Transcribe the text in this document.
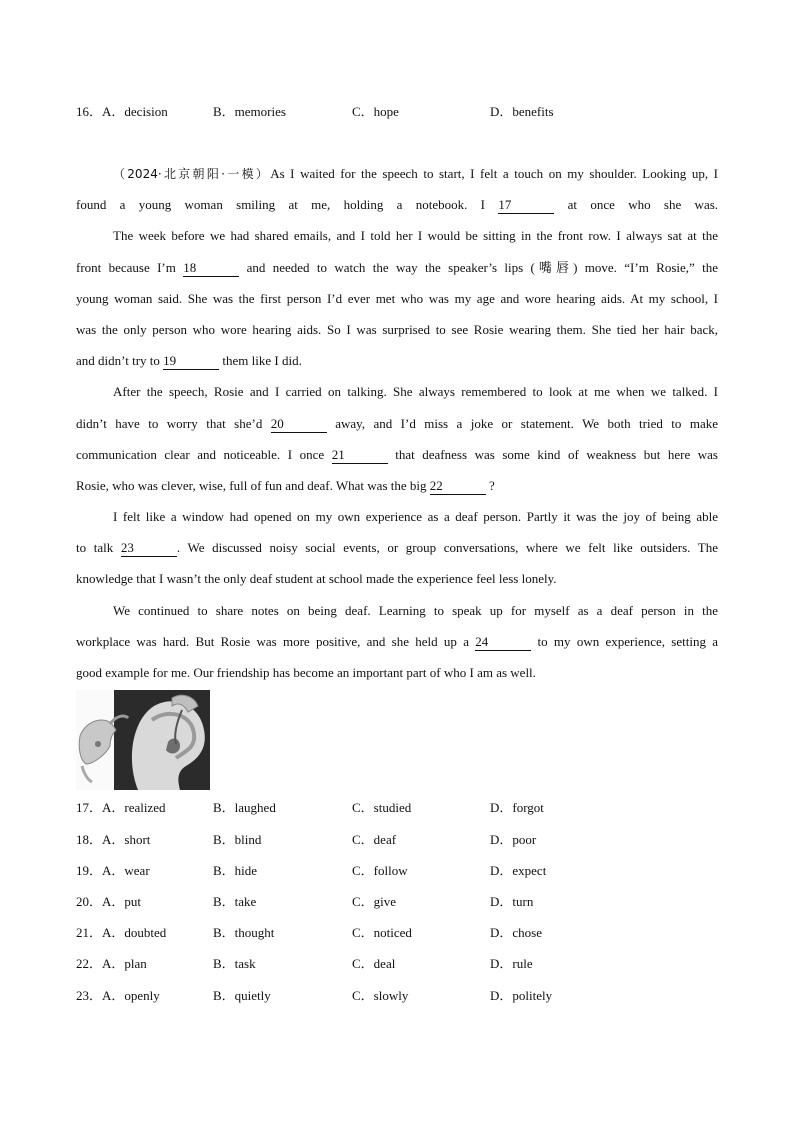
16．A．decision	B．memories	C．hope	D．benefits
（2024·北京朝阳·一模）As I waited for the speech to start, I felt a touch on my shoulder. Looking up, I
found a young woman smiling at me, holding a notebook. I 17	at once who she was.
The week before we had shared emails, and I told her I would be sitting in the front row. I always sat at the
front because I’m 18	and needed to watch the way the speaker’s lips (嘴唇) move. “I’m Rosie,” the
young woman said. She was the first person I’d ever met who was my age and wore hearing aids. At my school, I
was the only person who wore hearing aids. So I was surprised to see Rosie wearing them. She tied her hair back,
and didn’t try to 19	them like I did.
After the speech, Rosie and I carried on talking. She always remembered to look at me when we talked. I
didn’t have to worry that she’d 20	away, and I’d miss a joke or statement. We both tried to make
communication clear and noticeable. I once 21	that deafness was some kind of weakness but here was
Rosie, who was clever, wise, full of fun and deaf. What was the big 22	?
I felt like a window had opened on my own experience as a deaf person. Partly it was the joy of being able
to talk 23	. We discussed noisy social events, or group conversations, where we felt like outsiders. The
knowledge that I wasn’t the only deaf student at school made the experience feel less lonely.
We continued to share notes on being deaf. Learning to speak up for myself as a deaf person in the
workplace was hard. But Rosie was more positive, and she held up a 24	to my own experience, setting a
good example for me. Our friendship has become an important part of who I am as well.
17．A．realized	B．laughed	C．studied	D．forgot
18．A．short	B．blind	C．deaf	D．poor
19．A．wear	B．hide	C．follow	D．expect
20．A．put	B．take	C．give	D．turn
21．A．doubted	B．thought	C．noticed	D．chose
22．A．plan	B．task	C．deal	D．rule
23．A．openly	B．quietly	C．slowly	D．politely
